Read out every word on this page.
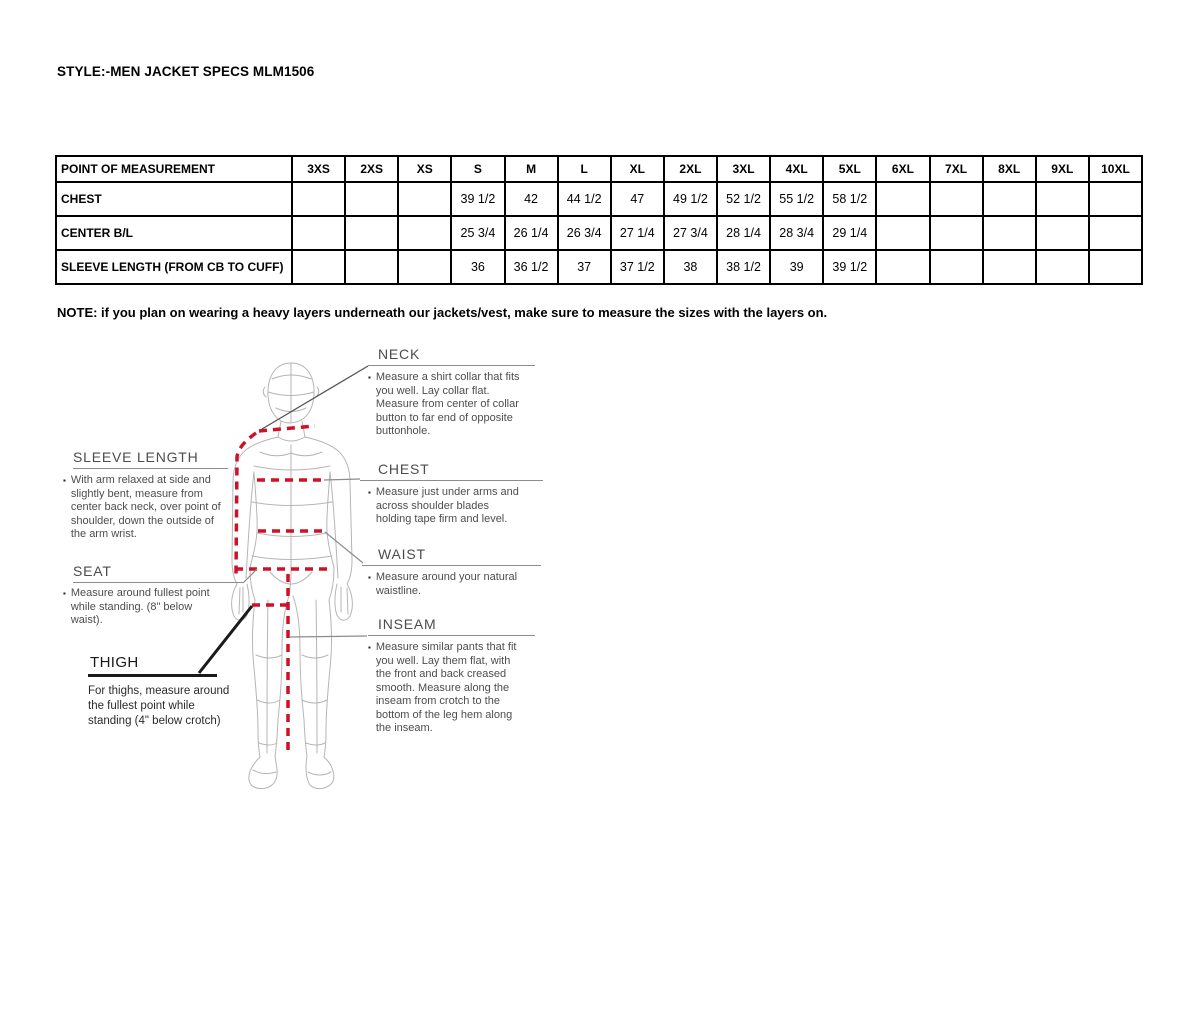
STYLE:-MEN JACKET SPECS MLM1506
POINT OF MEASUREMENT	3XS	2XS	XS	S	M	L	XL	2XL	3XL	4XL	5XL	6XL	7XL	8XL	9XL	10XL
CHEST				39 1/2	42	44 1/2	47	49 1/2	52 1/2	55 1/2	58 1/2					
CENTER B/L				25 3/4	26 1/4	26 3/4	27 1/4	27 3/4	28 1/4	28 3/4	29 1/4					
SLEEVE LENGTH (FROM CB TO CUFF)				36	36 1/2	37	37 1/2	38	38 1/2	39	39 1/2					
NOTE: if you plan on wearing a heavy layers underneath our jackets/vest, make sure to measure the sizes with the layers on.
NECK
▪ Measure a shirt collar that fits you well. Lay collar flat. Measure from center of collar button to far end of opposite buttonhole.
CHEST
▪ Measure just under arms and across shoulder blades holding tape firm and level.
WAIST
▪ Measure around your natural waistline.
INSEAM
▪ Measure similar pants that fit you well. Lay them flat, with the front and back creased smooth. Measure along the inseam from crotch to the bottom of the leg hem along the inseam.
SLEEVE LENGTH
▪ With arm relaxed at side and slightly bent, measure from center back neck, over point of shoulder, down the outside of the arm wrist.
SEAT
▪ Measure around fullest point while standing. (8" below waist).
THIGH
For thighs, measure around the fullest point while standing (4" below crotch)
